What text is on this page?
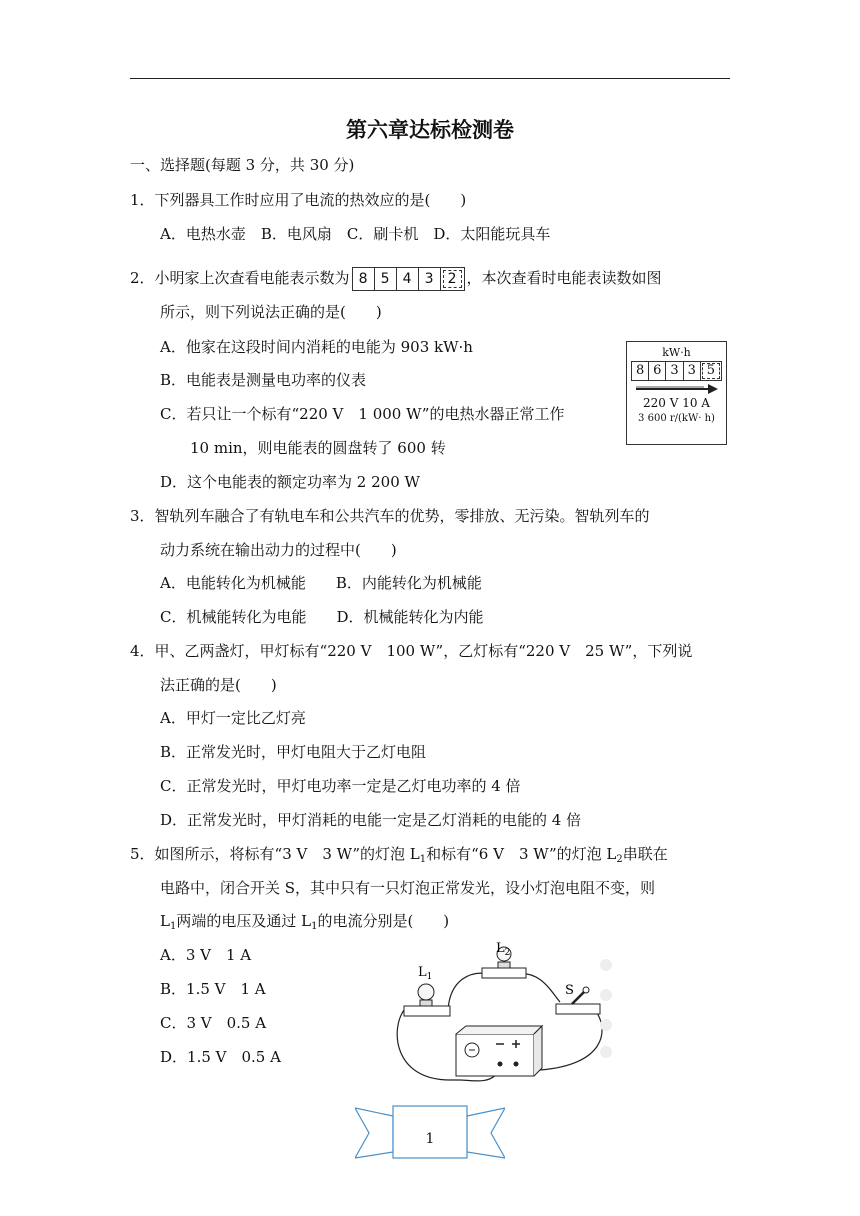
第六章达标检测卷
一、选择题(每题 3 分，共 30 分)
1．下列器具工作时应用了电流的热效应的是(　　)
A．电热水壶　B．电风扇　C．刷卡机　D．太阳能玩具车
2．小明家上次查看电能表示数为 8 5 4 3	2 ，本次查看时电能表读数如图
所示，则下列说法正确的是(　　)
A．他家在这段时间内消耗的电能为 903 kW·h
B．电能表是测量电功率的仪表
C．若只让一个标有“220 V　1 000 W”的电热水器正常工作
10 min，则电能表的圆盘转了 600 转
D．这个电能表的额定功率为 2 200 W
kW·h
8 6 3 3 5
220 V 10 A
3 600 r/(kW· h)
3．智轨列车融合了有轨电车和公共汽车的优势，零排放、无污染。智轨列车的
动力系统在输出动力的过程中(　　)
A．电能转化为机械能　　B．内能转化为机械能
C．机械能转化为电能　　D．机械能转化为内能
4．甲、乙两盏灯，甲灯标有“220 V　100 W”，乙灯标有“220 V　25 W”，下列说
法正确的是(　　)
A．甲灯一定比乙灯亮
B．正常发光时，甲灯电阻大于乙灯电阻
C．正常发光时，甲灯电功率一定是乙灯电功率的 4 倍
D．正常发光时，甲灯消耗的电能一定是乙灯消耗的电能的 4 倍
5．如图所示，将标有“3 V　3 W”的灯泡 $L_1$和标有“6 V　3 W”的灯泡 $L_2$串联在
电路中，闭合开关 S，其中只有一只灯泡正常发光，设小灯泡电阻不变，则
$L_1$两端的电压及通过 $L_1$的电流分别是(　　)
A．3 V　1 A
B．1.5 V　1 A
C．3 V　0.5 A
D．1.5 V　0.5 A
$L_1$
$L_2$
S
1
